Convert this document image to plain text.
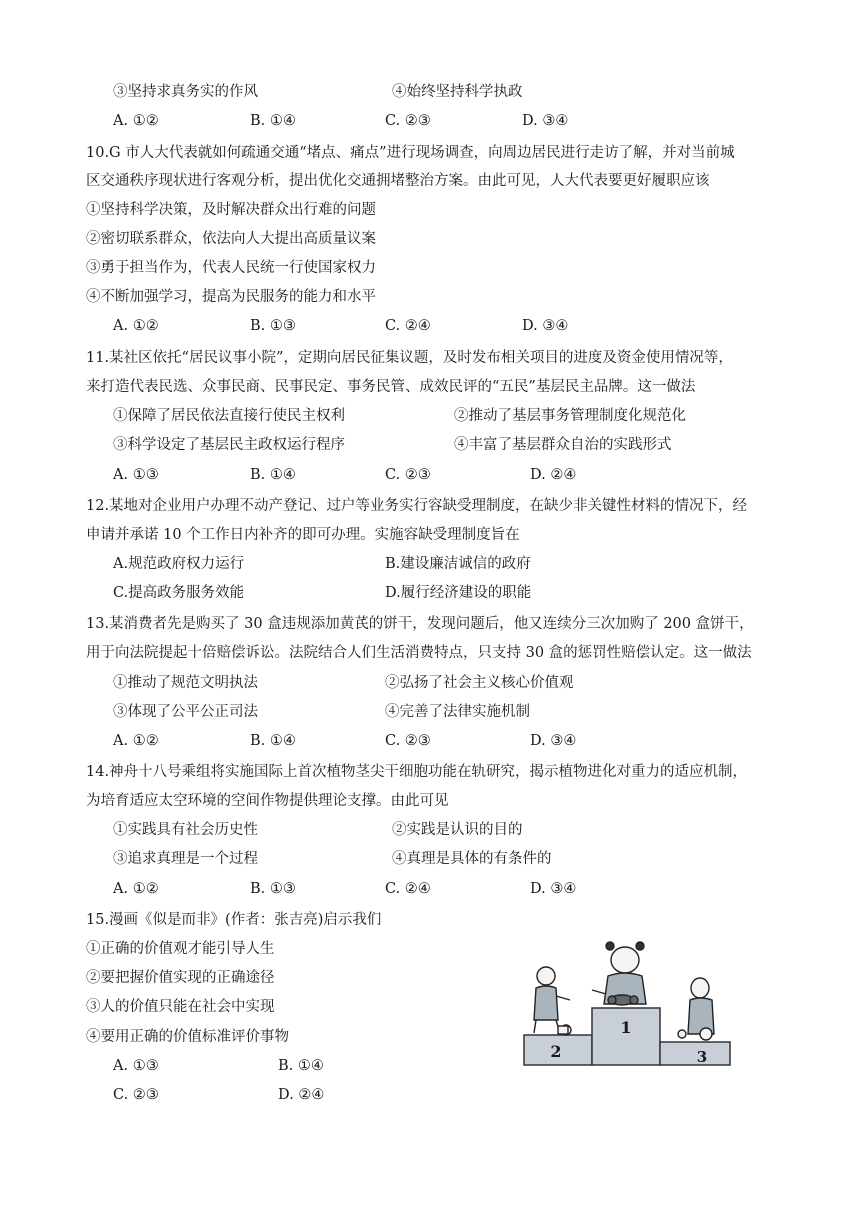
③坚持求真务实的作风	④始终坚持科学执政
A. ①②	B. ①④	C. ②③	D. ③④
10.G 市人大代表就如何疏通交通“堵点、痛点”进行现场调查，向周边居民进行走访了解，并对当前城
区交通秩序现状进行客观分析，提出优化交通拥堵整治方案。由此可见，人大代表要更好履职应该
①坚持科学决策，及时解决群众出行难的问题
②密切联系群众，依法向人大提出高质量议案
③勇于担当作为，代表人民统一行使国家权力
④不断加强学习，提高为民服务的能力和水平
A. ①②	B. ①③	C. ②④	D. ③④
11.某社区依托“居民议事小院”，定期向居民征集议题，及时发布相关项目的进度及资金使用情况等，
来打造代表民选、众事民商、民事民定、事务民管、成效民评的“五民”基层民主品牌。这一做法
①保障了居民依法直接行使民主权利	②推动了基层事务管理制度化规范化
③科学设定了基层民主政权运行程序	④丰富了基层群众自治的实践形式
A. ①③	B. ①④	C. ②③	D. ②④
12.某地对企业用户办理不动产登记、过户等业务实行容缺受理制度，在缺少非关键性材料的情况下，经
申请并承诺 10 个工作日内补齐的即可办理。实施容缺受理制度旨在
A.规范政府权力运行	B.建设廉洁诚信的政府
C.提高政务服务效能	D.履行经济建设的职能
13.某消费者先是购买了 30 盒违规添加黄芪的饼干，发现问题后，他又连续分三次加购了 200 盒饼干，
用于向法院提起十倍赔偿诉讼。法院结合人们生活消费特点，只支持 30 盒的惩罚性赔偿认定。这一做法
①推动了规范文明执法	②弘扬了社会主义核心价值观
③体现了公平公正司法	④完善了法律实施机制
A. ①②	B. ①④	C. ②③	D. ③④
14.神舟十八号乘组将实施国际上首次植物茎尖干细胞功能在轨研究，揭示植物进化对重力的适应机制，
为培育适应太空环境的空间作物提供理论支撑。由此可见
①实践具有社会历史性	②实践是认识的目的
③追求真理是一个过程	④真理是具体的有条件的
A. ①②	B. ①③	C. ②④	D. ③④
15.漫画《似是而非》(作者：张吉亮)启示我们
①正确的价值观才能引导人生
②要把握价值实现的正确途径
③人的价值只能在社会中实现
④要用正确的价值标准评价事物
A. ①③	B. ①④
C. ②③	D. ②④
1
2	3
